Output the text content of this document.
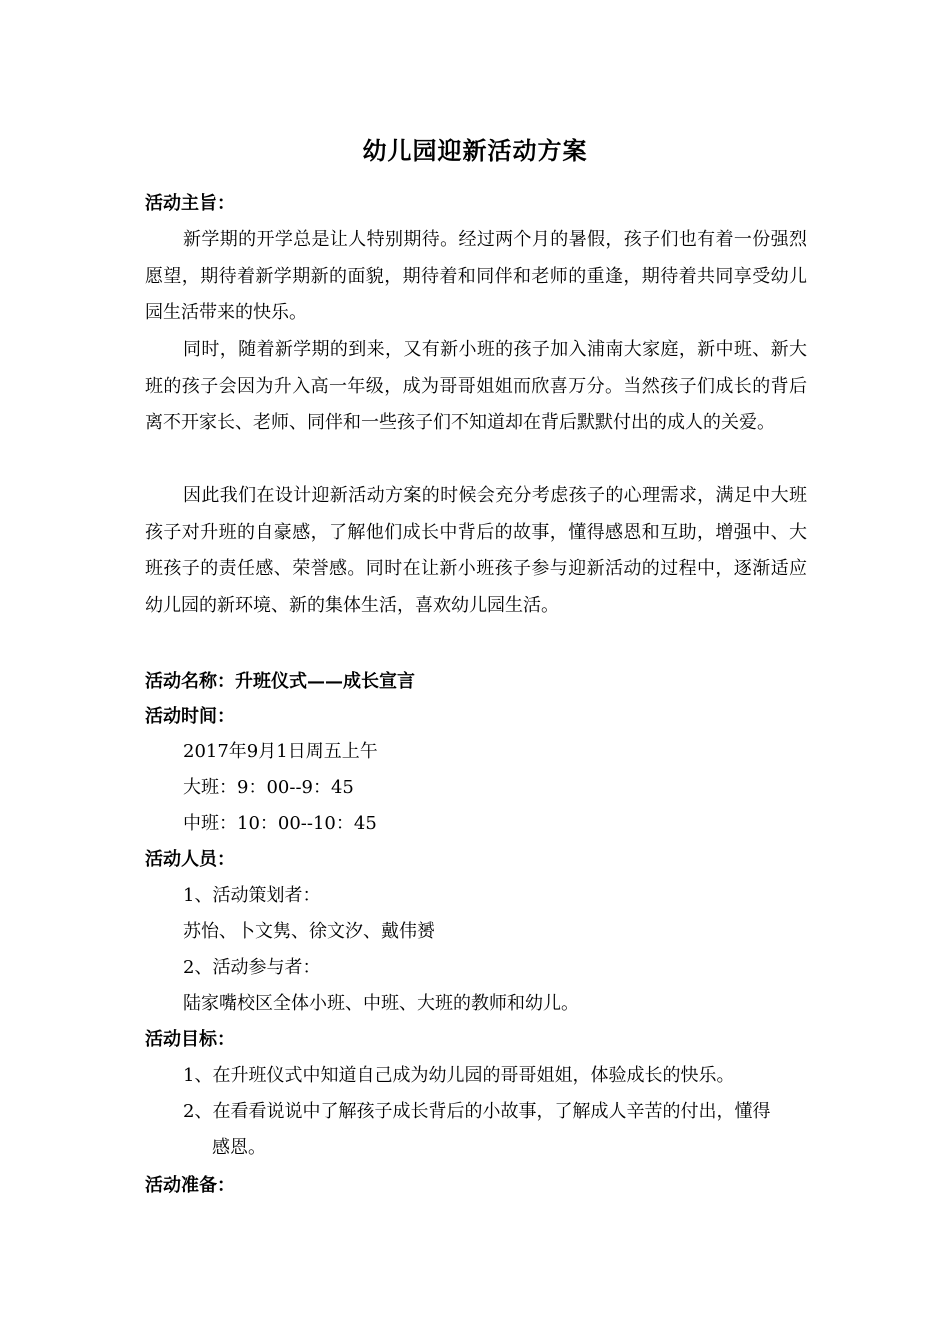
幼儿园迎新活动方案
活动主旨：

新学期的开学总是让人特别期待。经过两个月的暑假，孩子们也有着一份强烈愿望，期待着新学期新的面貌，期待着和同伴和老师的重逢，期待着共同享受幼儿园生活带来的快乐。

同时，随着新学期的到来，又有新小班的孩子加入浦南大家庭，新中班、新大班的孩子会因为升入高一年级，成为哥哥姐姐而欣喜万分。当然孩子们成长的背后离不开家长、老师、同伴和一些孩子们不知道却在背后默默付出的成人的关爱。

因此我们在设计迎新活动方案的时候会充分考虑孩子的心理需求，满足中大班孩子对升班的自豪感，了解他们成长中背后的故事，懂得感恩和互助，增强中、大班孩子的责任感、荣誉感。同时在让新小班孩子参与迎新活动的过程中，逐渐适应幼儿园的新环境、新的集体生活，喜欢幼儿园生活。

活动名称：升班仪式——成长宣言
活动时间：
2017年9月1日周五上午
大班：9：00--9：45
中班：10：00--10：45
活动人员：
1、活动策划者：
苏怡、卜文隽、徐文汐、戴伟赟
2、活动参与者：
陆家嘴校区全体小班、中班、大班的教师和幼儿。
活动目标：
1、在升班仪式中知道自己成为幼儿园的哥哥姐姐，体验成长的快乐。
2、在看看说说中了解孩子成长背后的小故事，了解成人辛苦的付出，懂得
感恩。
活动准备：
